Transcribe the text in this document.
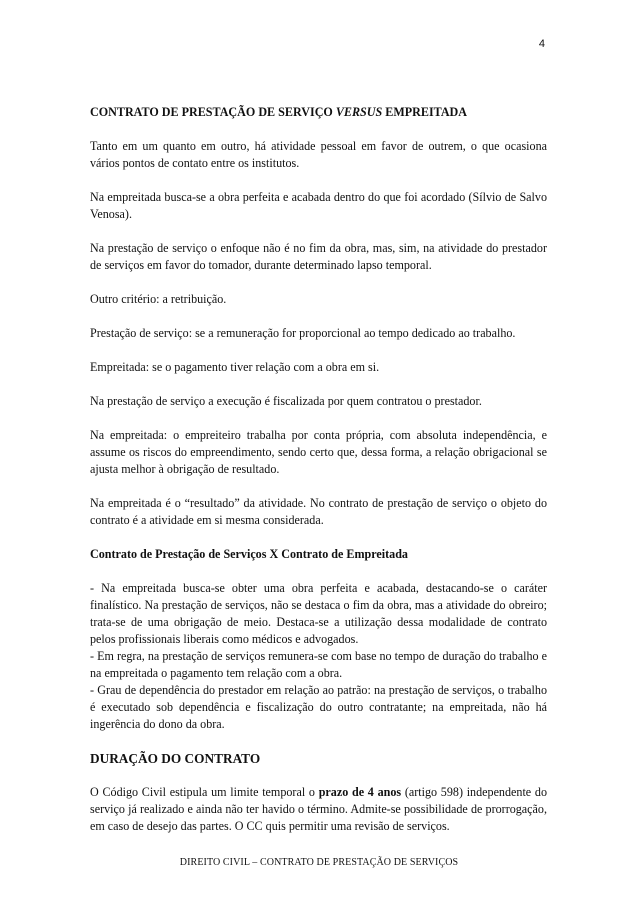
4

CONTRATO DE PRESTAÇÃO DE SERVIÇO VERSUS EMPREITADA

Tanto em um quanto em outro, há atividade pessoal em favor de outrem, o que ocasiona vários pontos de contato entre os institutos.

Na empreitada busca-se a obra perfeita e acabada dentro do que foi acordado (Sílvio de Salvo Venosa).

Na prestação de serviço o enfoque não é no fim da obra, mas, sim, na atividade do prestador de serviços em favor do tomador, durante determinado lapso temporal.

Outro critério: a retribuição.

Prestação de serviço: se a remuneração for proporcional ao tempo dedicado ao trabalho.

Empreitada: se o pagamento tiver relação com a obra em si.

Na prestação de serviço a execução é fiscalizada por quem contratou o prestador.

Na empreitada: o empreiteiro trabalha por conta própria, com absoluta independência, e assume os riscos do empreendimento, sendo certo que, dessa forma, a relação obrigacional se ajusta melhor à obrigação de resultado.

Na empreitada é o “resultado” da atividade. No contrato de prestação de serviço o objeto do contrato é a atividade em si mesma considerada.

Contrato de Prestação de Serviços X Contrato de Empreitada

- Na empreitada busca-se obter uma obra perfeita e acabada, destacando-se o caráter finalístico. Na prestação de serviços, não se destaca o fim da obra, mas a atividade do obreiro; trata-se de uma obrigação de meio. Destaca-se a utilização dessa modalidade de contrato pelos profissionais liberais como médicos e advogados.

- Em regra, na prestação de serviços remunera-se com base no tempo de duração do trabalho e na empreitada o pagamento tem relação com a obra.

- Grau de dependência do prestador em relação ao patrão: na prestação de serviços, o trabalho é executado sob dependência e fiscalização do outro contratante; na empreitada, não há ingerência do dono da obra.

DURAÇÃO DO CONTRATO

O Código Civil estipula um limite temporal o prazo de 4 anos (artigo 598) independente do serviço já realizado e ainda não ter havido o término. Admite-se possibilidade de prorrogação, em caso de desejo das partes. O CC quis permitir uma revisão de serviços.

DIREITO CIVIL – CONTRATO DE PRESTAÇÃO DE SERVIÇOS
